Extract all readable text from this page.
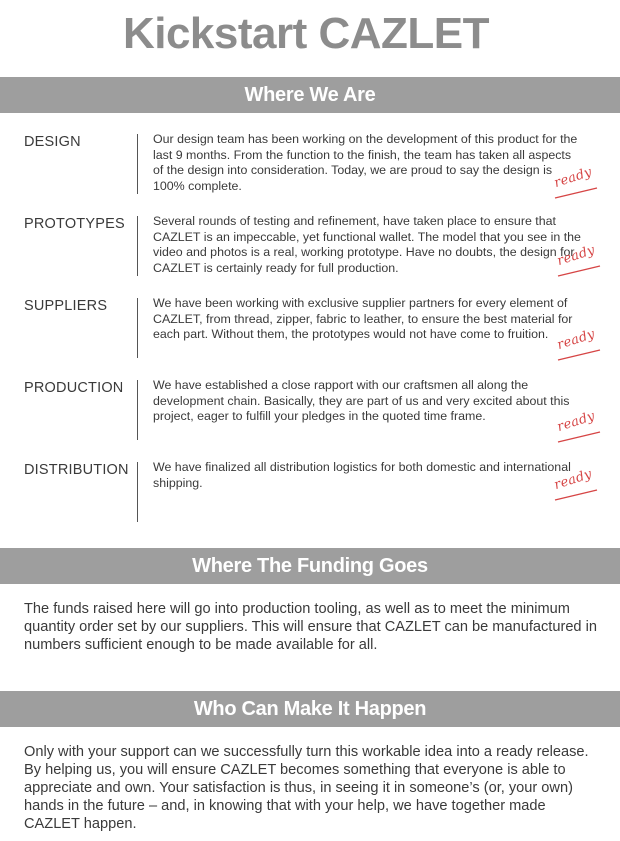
Kickstart CAZLET
Where We Are
DESIGN	Our design team has been working on the development of this product for the last 9 months. From the function to the finish, the team has taken all aspects of the design into consideration. Today, we are proud to say the design is 100% complete.	ready
PROTOTYPES Several rounds of testing and refinement, have taken place to ensure that CAZLET is an impeccable, yet functional wallet. The model that you see in the video and photos is a real, working prototype. Have no doubts, the design for CAZLET is certainly ready for full production.	ready
SUPPLIERS	We have been working with exclusive supplier partners for every element of CAZLET, from thread, zipper, fabric to leather, to ensure the best material for each part. Without them, the prototypes would not have come to fruition. ready
PRODUCTION We have established a close rapport with our craftsmen all along the development chain. Basically, they are part of us and very excited about this project, eager to fulfill your pledges in the quoted time frame.	ready
DISTRIBUTION We have finalized all distribution logistics for both domestic and international shipping.	ready
Where The Funding Goes
The funds raised here will go into production tooling, as well as to meet the minimum quantity order set by our suppliers. This will ensure that CAZLET can be manufactured in numbers sufficient enough to be made available for all.
Who Can Make It Happen
Only with your support can we successfully turn this workable idea into a ready release. By helping us, you will ensure CAZLET becomes something that everyone is able to appreciate and own. Your satisfaction is thus, in seeing it in someone’s (or, your own) hands in the future – and, in knowing that with your help, we have together made CAZLET happen.
